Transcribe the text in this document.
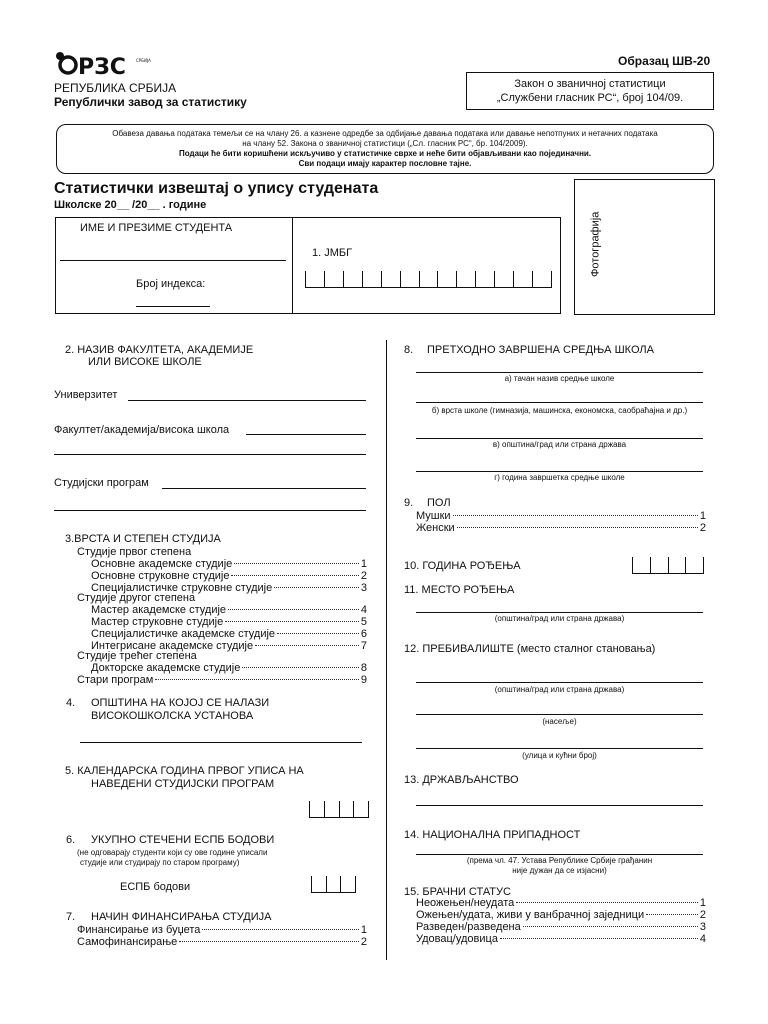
РЗС	СРБИЈА
РЕПУБЛИКА СРБИЈА
Републички завод за статистику
Образац ШВ-20
Закон о званичној статистици
„Службени гласник РС“, број 104/09.
Обавеза давања података темељи се на члану 26. а казнене одредбе за одбијање давања података или давање непотпуних и нетачних података
на члану 52. Закона о званичној статистици („Сл. гласник РС“, бр. 104/2009).
Подаци ће бити коришћени искључиво у статистичке сврхе и неће бити објављивани као појединачни.
Сви подаци имају карактер пословне тајне.
Статистички извештај о упису студената
Школске 20__ /20__ . године
Фотографија
ИМЕ И ПРЕЗИМЕ СТУДЕНТА
Број индекса:
1. ЈМБГ
2. НАЗИВ ФАКУЛТЕТА, АКАДЕМИЈЕ
ИЛИ ВИСОКЕ ШКОЛЕ
Универзитет
Факултет/академија/висока школа
Студијски програм
3.ВРСТА И СТЕПЕН СТУДИЈА
Студије првог степена
Основне академске студије	1
Основне струковне студије	2
Специјалистичке струковне студије	3
Студије другог степена
Мастер академске студије	4
Мастер струковне студије	5
Специјалистичке академске студије	6
Интегрисане академске студије	7
Студије трећег степена
Докторске академске студије	8
Стари програм	9
4. ОПШТИНА НА КОЈОЈ СЕ НАЛАЗИ
ВИСОКОШКОЛСКА УСТАНОВА
5. КАЛЕНДАРСКА ГОДИНА ПРВОГ УПИСА НА
НАВЕДЕНИ СТУДИЈСКИ ПРОГРАМ
6. УКУПНО СТЕЧЕНИ ЕСПБ БОДОВИ
(не одговарају студенти који су ове године уписали
студије или студирају по старом програму)
ЕСПБ бодови
7. НАЧИН ФИНАНСИРАЊА СТУДИЈА
Финансирање из буџета	1
Самофинансирање	2
8. ПРЕТХОДНО ЗАВРШЕНА СРЕДЊА ШКОЛА
а) тачан назив средње школе
б) врста школе (гимназија, машинска, економска, саобраћајна и др.)
в) општина/град или страна држава
г) година завршетка средње школе
9. ПОЛ
Мушки	1
Женски	2
10. ГОДИНА РОЂЕЊА
11. МЕСТО РОЂЕЊА
(општина/град или страна држава)
12. ПРЕБИВАЛИШТЕ (место сталног становања)
(општина/град или страна држава)
(насеље)
(улица и кућни број)
13. ДРЖАВЉАНСТВО
14. НАЦИОНАЛНА ПРИПАДНОСТ
(према чл. 47. Устава Републике Србије грађанин
није дужан да се изјасни)
15. БРАЧНИ СТАТУС
Неожењен/неудата	1
Ожењен/удата, живи у ванбрачној заједници	2
Разведен/разведена	3
Удовац/удовица	4
